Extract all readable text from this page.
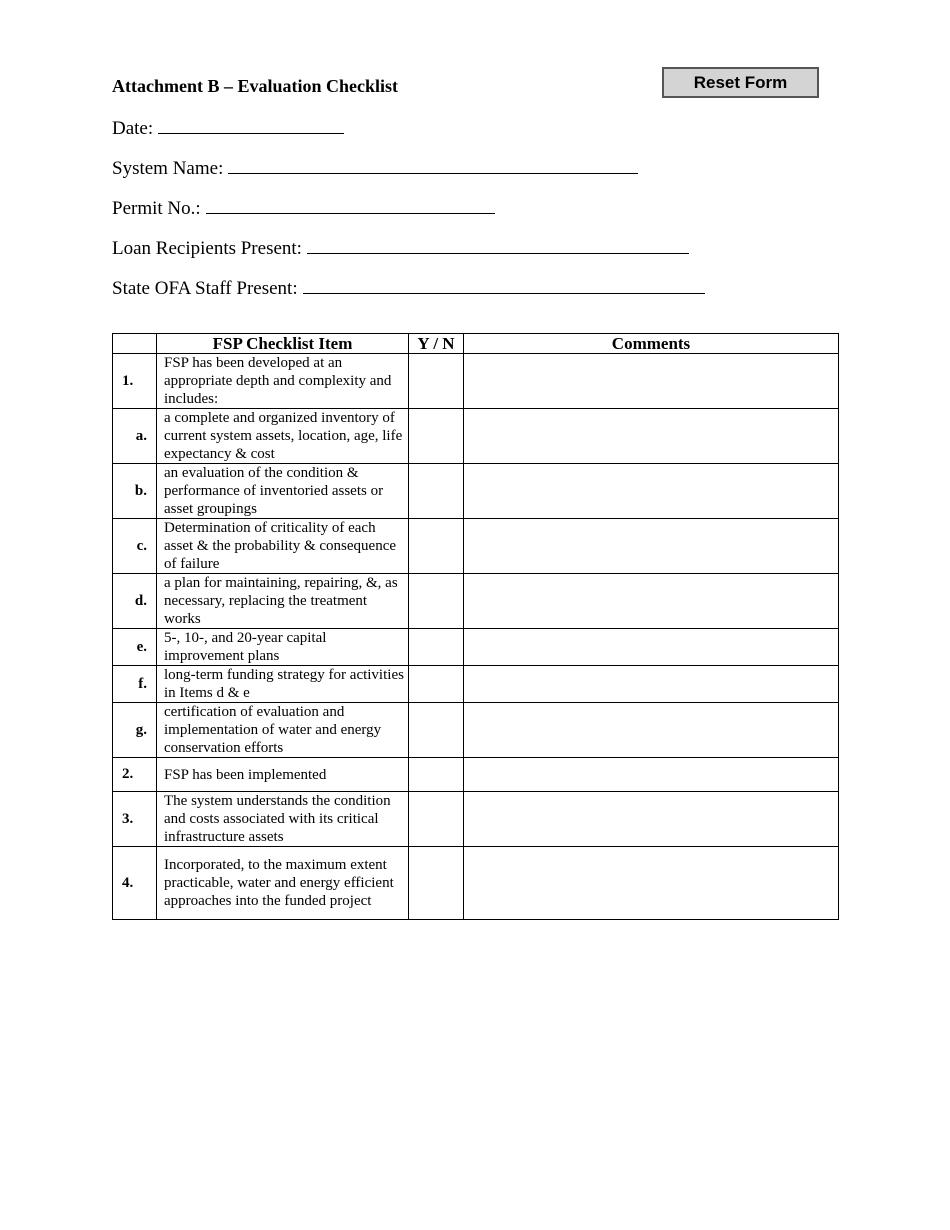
Attachment B – Evaluation Checklist	Reset Form
Date:
System Name:
Permit No.:
Loan Recipients Present:
State OFA Staff Present:
	FSP Checklist Item	Y / N	Comments
1.	FSP has been developed at an appropriate depth and complexity and includes:		
a.	a complete and organized inventory of current system assets, location, age, life expectancy & cost		
b.	an evaluation of the condition & performance of inventoried assets or asset groupings		
c.	Determination of criticality of each asset & the probability & consequence of failure		
d.	a plan for maintaining, repairing, &, as necessary, replacing the treatment works		
e.	5-, 10-, and 20-year capital improvement plans		
f.	long-term funding strategy for activities in Items d & e		
g.	certification of evaluation and implementation of water and energy conservation efforts		
2.	FSP has been implemented		
3.	The system understands the condition and costs associated with its critical infrastructure assets		
4.	Incorporated, to the maximum extent practicable, water and energy efficient approaches into the funded project		
